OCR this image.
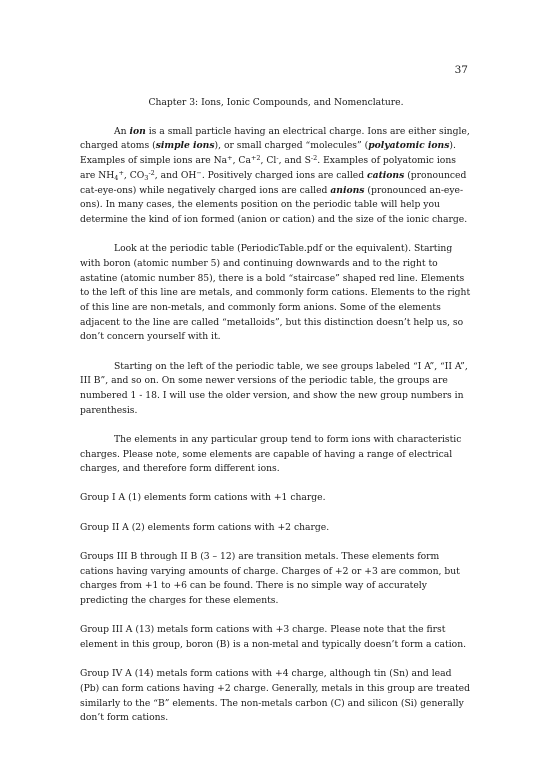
37

Chapter 3: Ions, Ionic Compounds, and Nomenclature.

An ion is a small particle having an electrical charge. Ions are either single, charged atoms (simple ions), or small charged “molecules” (polyatomic ions). Examples of simple ions are Na+, $Ca^{+2}$, Cl-, and $S^{-2}$. Examples of polyatomic ions are $NH_4^+$, $CO_3^{-2}$, and OH−. Positively charged ions are called cations (pronounced cat-eye-ons) while negatively charged ions are called anions (pronounced an-eye-ons). In many cases, the elements position on the periodic table will help you determine the kind of ion formed (anion or cation) and the size of the ionic charge.

Look at the periodic table (PeriodicTable.pdf or the equivalent). Starting with boron (atomic number 5) and continuing downwards and to the right to astatine (atomic number 85), there is a bold “staircase” shaped red line. Elements to the left of this line are metals, and commonly form cations. Elements to the right of this line are non-metals, and commonly form anions. Some of the elements adjacent to the line are called “metalloids”, but this distinction doesn’t help us, so don’t concern yourself with it.

Starting on the left of the periodic table, we see groups labeled “I A”, “II A”, III B”, and so on. On some newer versions of the periodic table, the groups are numbered 1 - 18. I will use the older version, and show the new group numbers in parenthesis.

The elements in any particular group tend to form ions with characteristic charges. Please note, some elements are capable of having a range of electrical charges, and therefore form different ions.

Group I A (1) elements form cations with +1 charge.

Group II A (2) elements form cations with +2 charge.

Groups III B through II B (3 – 12) are transition metals. These elements form cations having varying amounts of charge. Charges of +2 or +3 are common, but charges from +1 to +6 can be found. There is no simple way of accurately predicting the charges for these elements.

Group III A (13) metals form cations with +3 charge. Please note that the first element in this group, boron (B) is a non-metal and typically doesn’t form a cation.

Group IV A (14) metals form cations with +4 charge, although tin (Sn) and lead (Pb) can form cations having +2 charge. Generally, metals in this group are treated similarly to the “B” elements. The non-metals carbon (C) and silicon (Si) generally don’t form cations.
